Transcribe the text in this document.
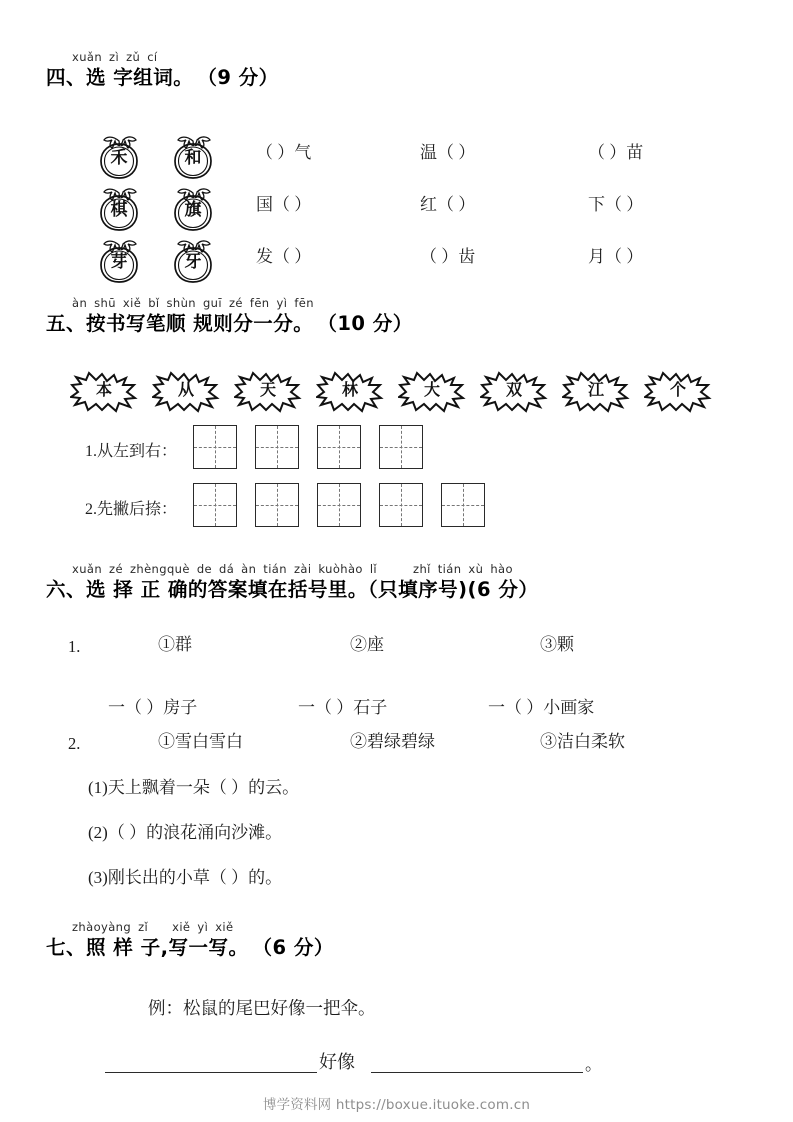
xuǎn zì zǔ cí
四、选 字组词。 （9 分）
禾	和
棋	旗
芽	牙
（ ）气	温（ ）	（ ）苗
国（ ）	红（ ）	下（ ）
发（ ）	（ ）齿	月（ ）
àn shū xiě bǐ shùn guī zé fēn yì fēn
五、按书写笔顺 规则分一分。 （10 分）
本	从	天	林	大	双	江	个
1.从左到右：
2.先撇后捺：
xuǎn zé zhèngquè de dá àn tián zài kuòhào lǐ	zhǐ tián xù hào
六、选 择 正 确的答案填在括号里。（只填序号)(6 分）
1.	①群	②座	③颗
一（ ）房子	一（ ）石子	一（ ）小画家
2.	①雪白雪白	②碧绿碧绿	③洁白柔软
(1)天上飘着一朵（ ）的云。
(2)（ ）的浪花涌向沙滩。
(3)刚长出的小草（ ）的。
zhàoyàng zǐ xiě yì xiě
七、照 样 子,写一写。 （6 分）
例：松鼠的尾巴好像一把伞。
好像	。
博学资料网 https://boxue.ituoke.com.cn
